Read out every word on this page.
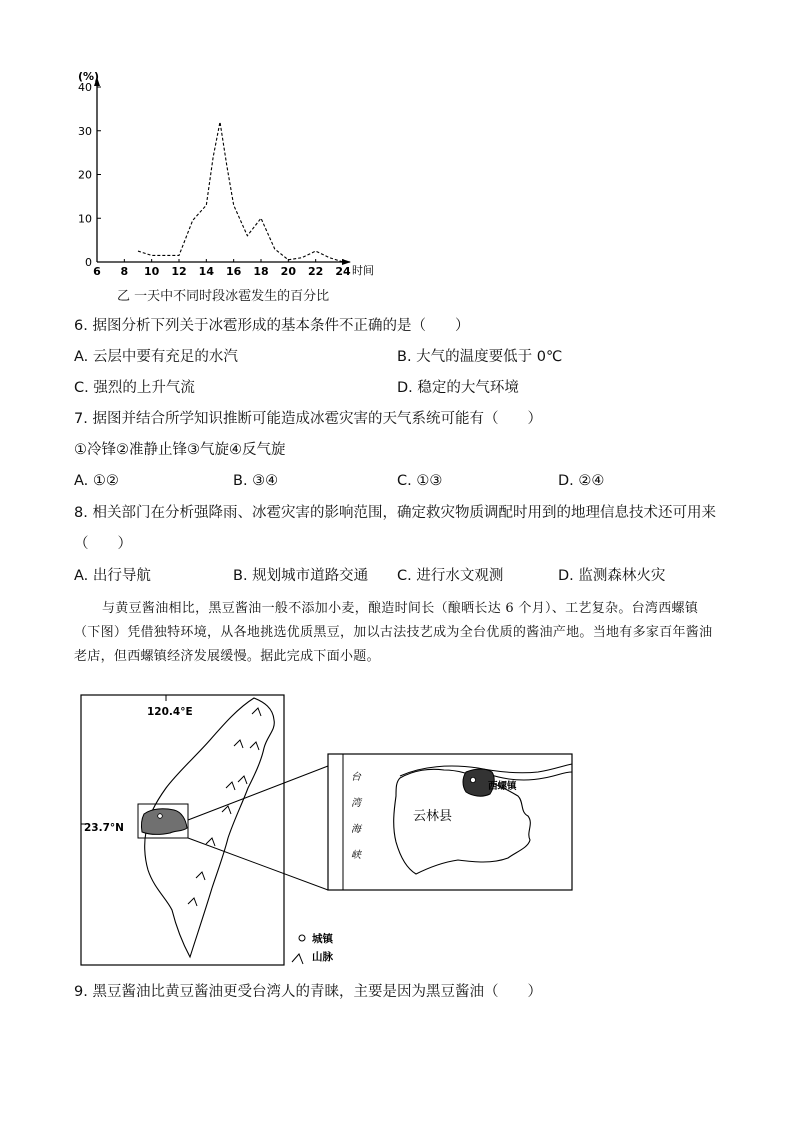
(%)
时间
0
10
20
30
40
6 8 10 12 14 16 18 20 22 24
乙 一天中不同时段冰雹发生的百分比
6. 据图分析下列关于冰雹形成的基本条件不正确的是（　　）
A. 云层中要有充足的水汽	B. 大气的温度要低于 0℃
C. 强烈的上升气流	D. 稳定的大气环境
7. 据图并结合所学知识推断可能造成冰雹灾害的天气系统可能有（　　）
①冷锋②准静止锋③气旋④反气旋
A. ①②	B. ③④	C. ①③	D. ②④
8. 相关部门在分析强降雨、冰雹灾害的影响范围，确定救灾物质调配时用到的地理信息技术还可用来
（　　）
A. 出行导航	B. 规划城市道路交通 C. 进行水文观测	D. 监测森林火灾
与黄豆酱油相比，黑豆酱油一般不添加小麦，酿造时间长（酿晒长达 6 个月）、工艺复杂。台湾西螺镇（下图）凭借独特环境，从各地挑选优质黑豆，加以古法技艺成为全台优质的酱油产地。当地有多家百年酱油老店，但西螺镇经济发展缓慢。据此完成下面小题。
120.4°E
23.7°N
台
湾
海
峡
西螺镇
云林县
城镇
山脉
9. 黑豆酱油比黄豆酱油更受台湾人的青睐，主要是因为黑豆酱油（　　）
